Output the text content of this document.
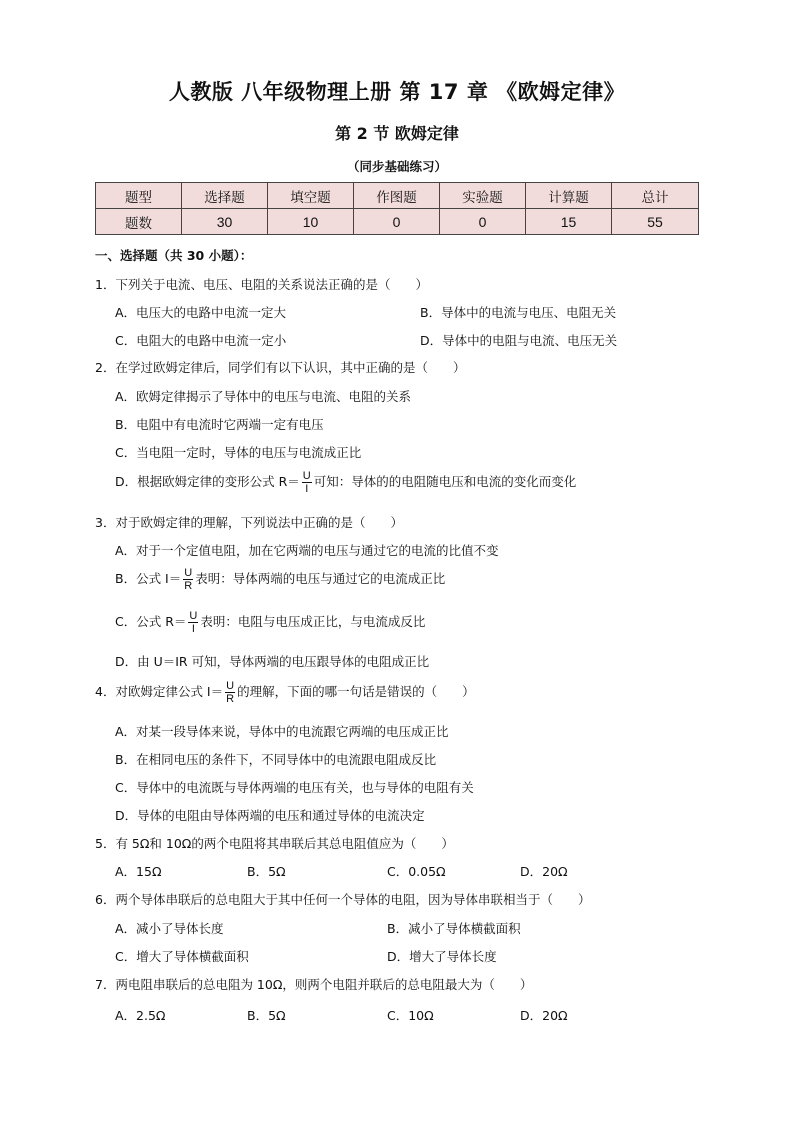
人教版 八年级物理上册 第 17 章 《欧姆定律》
第 2 节 欧姆定律
（同步基础练习）
题型	选择题	填空题	作图题	实验题	计算题	总计
题数	30	10	0	0	15	55
一、选择题（共 30 小题）：
1．下列关于电流、电压、电阻的关系说法正确的是（　　）
A．电压大的电路中电流一定大	B．导体中的电流与电压、电阻无关
C．电阻大的电路中电流一定小	D．导体中的电阻与电流、电压无关
2．在学过欧姆定律后，同学们有以下认识，其中正确的是（　　）
A．欧姆定律揭示了导体中的电压与电流、电阻的关系
B．电阻中有电流时它两端一定有电压
C．当电阻一定时，导体的电压与电流成正比
D．根据欧姆定律的变形公式 $R= \frac{U}{I}$ 可知：导体的的电阻随电压和电流的变化而变化
3．对于欧姆定律的理解，下列说法中正确的是（　　）
A．对于一个定值电阻，加在它两端的电压与通过它的电流的比值不变
B．公式 $I= \frac{U}{R}$ 表明：导体两端的电压与通过它的电流成正比
C．公式 $R= \frac{U}{I}$ 表明：电阻与电压成正比，与电流成反比
D．由 U＝IR 可知，导体两端的电压跟导体的电阻成正比
4．对欧姆定律公式 $I= \frac{U}{R}$ 的理解，下面的哪一句话是错误的（　　）
A．对某一段导体来说，导体中的电流跟它两端的电压成正比
B．在相同电压的条件下，不同导体中的电流跟电阻成反比
C．导体中的电流既与导体两端的电压有关，也与导体的电阻有关
D．导体的电阻由导体两端的电压和通过导体的电流决定
5．有 5Ω和 10Ω的两个电阻将其串联后其总电阻值应为（　　）
A．15Ω	B．5Ω	C．0.05Ω	D．20Ω
6．两个导体串联后的总电阻大于其中任何一个导体的电阻，因为导体串联相当于（　　）
A．减小了导体长度	B．减小了导体横截面积
C．增大了导体横截面积	D．增大了导体长度
7．两电阻串联后的总电阻为 10Ω，则两个电阻并联后的总电阻最大为（　　）
A．2.5Ω	B．5Ω	C．10Ω	D．20Ω
